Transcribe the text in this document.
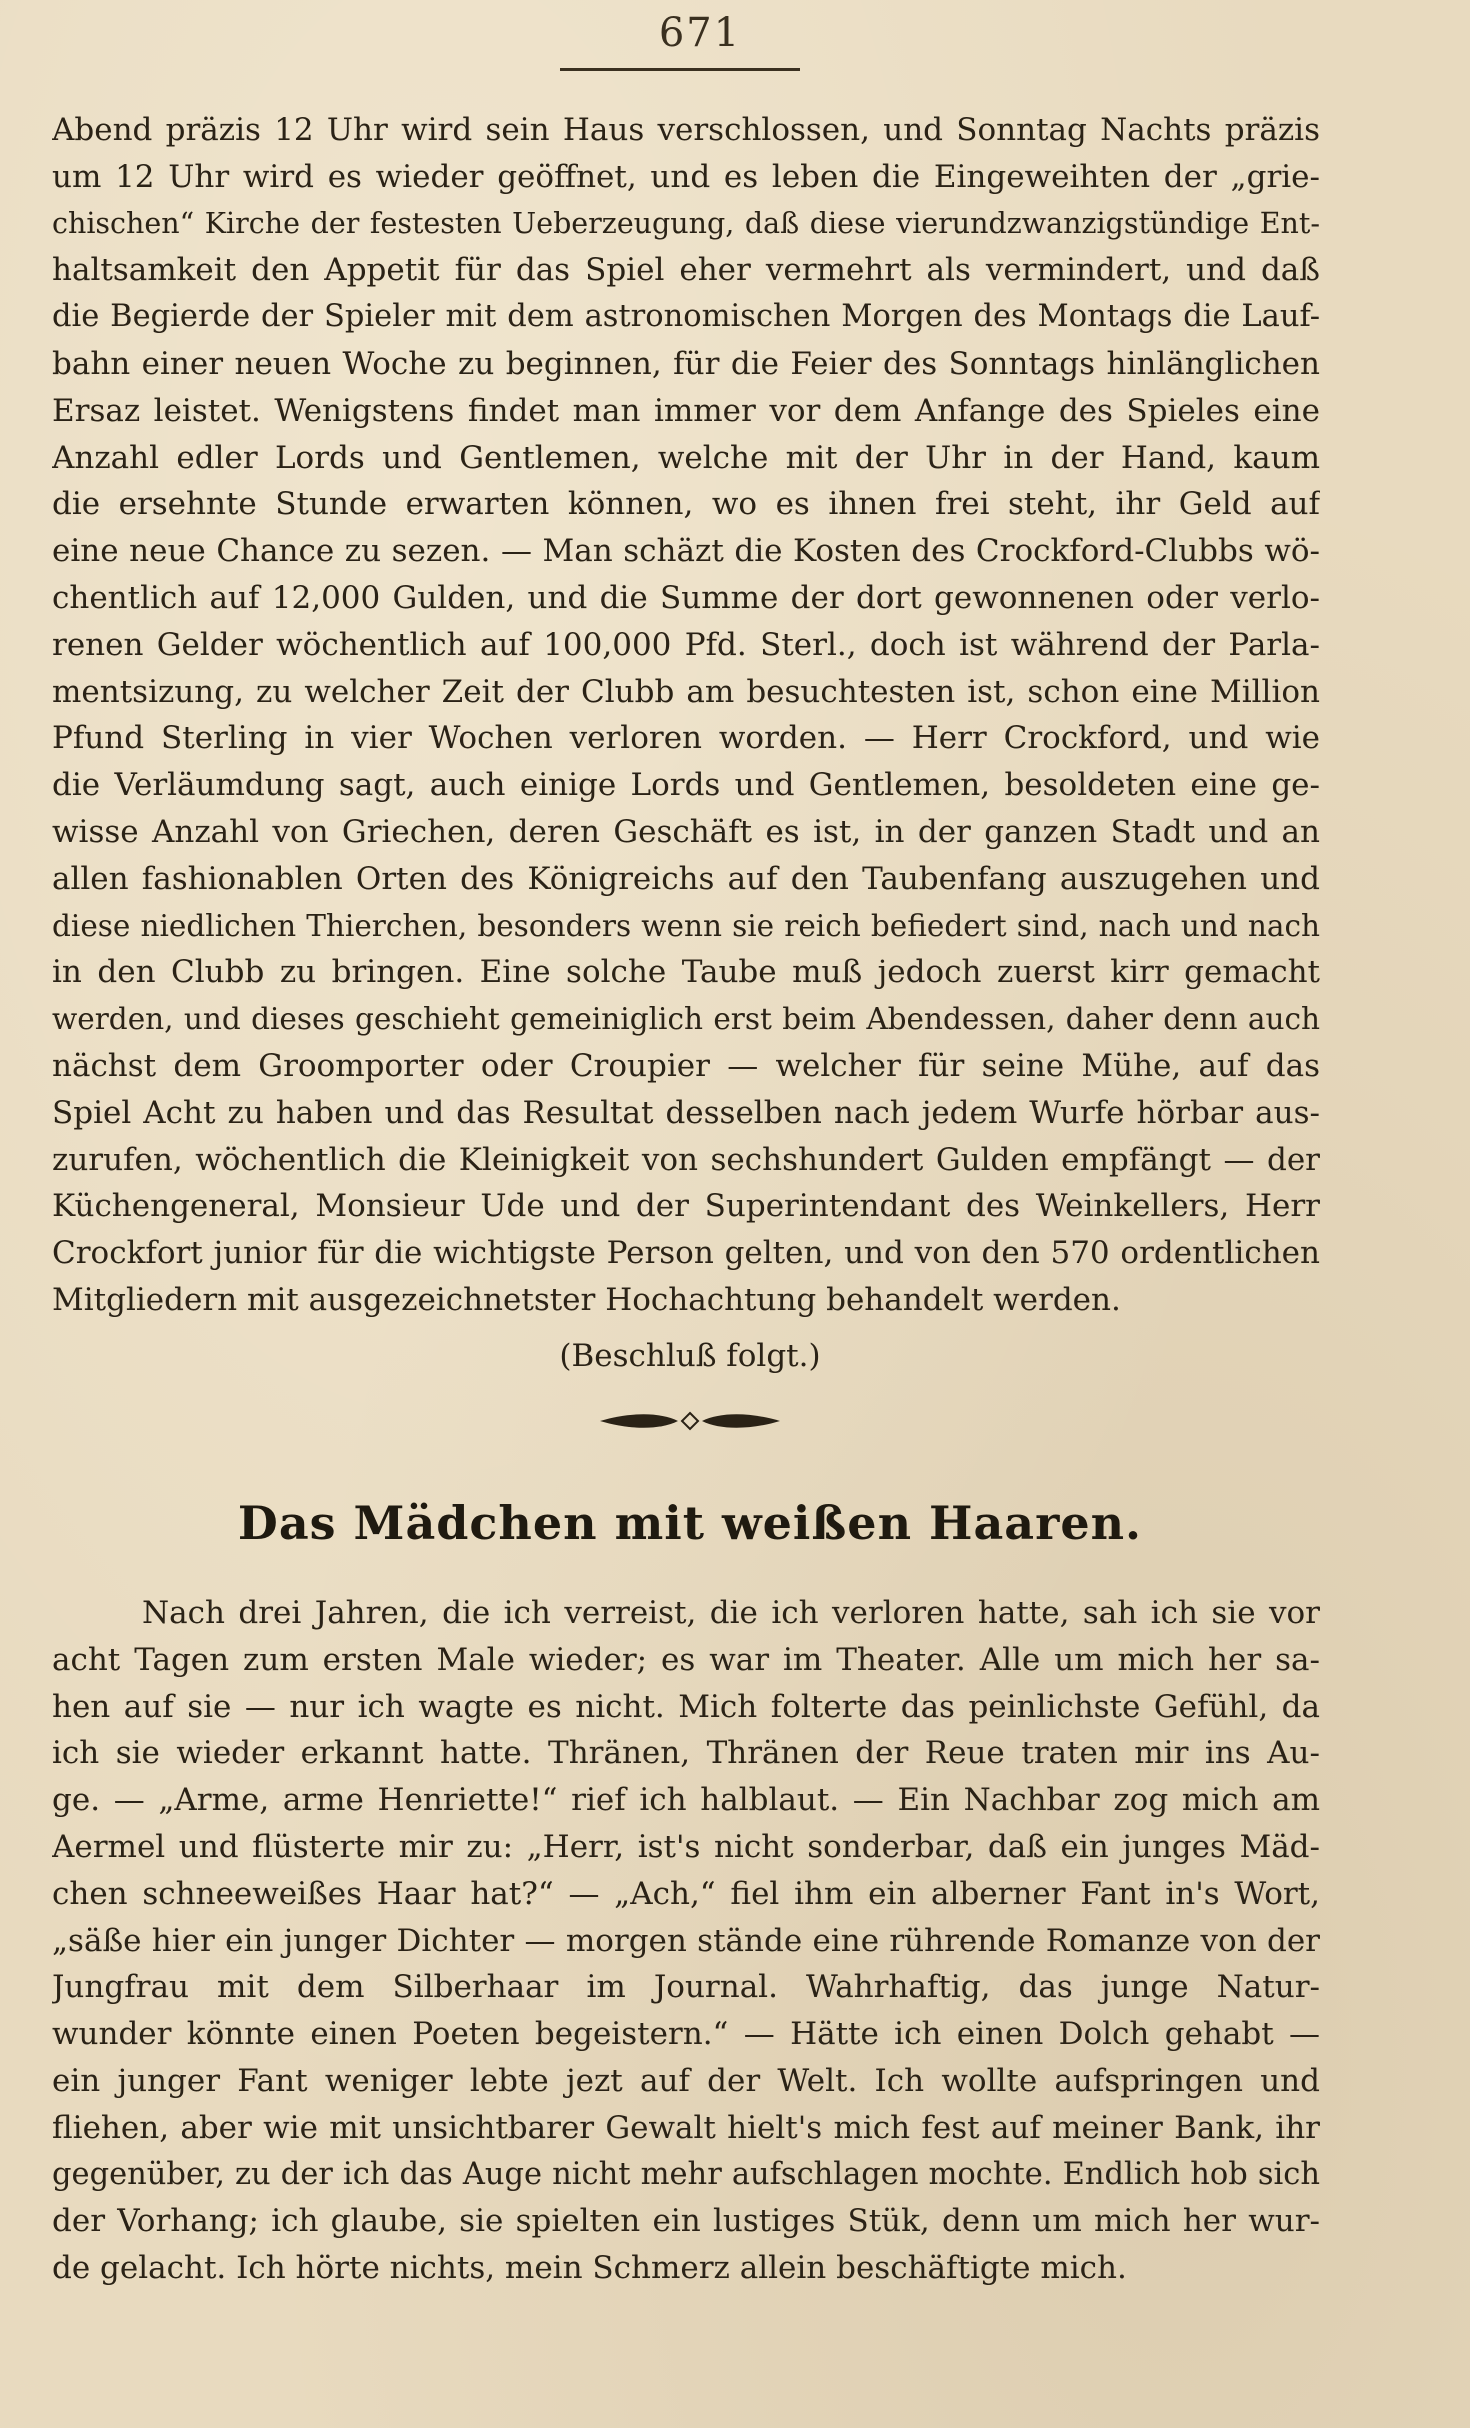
671
Abend präzis 12 Uhr wird sein Haus verschlossen, und Sonntag Nachts präzis
um 12 Uhr wird es wieder geöffnet, und es leben die Eingeweihten der „grie-
chischen“ Kirche der festesten Ueberzeugung, daß diese vierundzwanzigstündige Ent-
haltsamkeit den Appetit für das Spiel eher vermehrt als vermindert, und daß
die Begierde der Spieler mit dem astronomischen Morgen des Montags die Lauf-
bahn einer neuen Woche zu beginnen, für die Feier des Sonntags hinlänglichen
Ersaz leistet. Wenigstens findet man immer vor dem Anfange des Spieles eine
Anzahl edler Lords und Gentlemen, welche mit der Uhr in der Hand, kaum
die ersehnte Stunde erwarten können, wo es ihnen frei steht, ihr Geld auf
eine neue Chance zu sezen. — Man schäzt die Kosten des Crockford-Clubbs wö-
chentlich auf 12,000 Gulden, und die Summe der dort gewonnenen oder verlo-
renen Gelder wöchentlich auf 100,000 Pfd. Sterl., doch ist während der Parla-
mentsizung, zu welcher Zeit der Clubb am besuchtesten ist, schon eine Million
Pfund Sterling in vier Wochen verloren worden. — Herr Crockford, und wie
die Verläumdung sagt, auch einige Lords und Gentlemen, besoldeten eine ge-
wisse Anzahl von Griechen, deren Geschäft es ist, in der ganzen Stadt und an
allen fashionablen Orten des Königreichs auf den Taubenfang auszugehen und
diese niedlichen Thierchen, besonders wenn sie reich befiedert sind, nach und nach
in den Clubb zu bringen. Eine solche Taube muß jedoch zuerst kirr gemacht
werden, und dieses geschieht gemeiniglich erst beim Abendessen, daher denn auch
nächst dem Groomporter oder Croupier — welcher für seine Mühe, auf das
Spiel Acht zu haben und das Resultat desselben nach jedem Wurfe hörbar aus-
zurufen, wöchentlich die Kleinigkeit von sechshundert Gulden empfängt — der
Küchengeneral, Monsieur Ude und der Superintendant des Weinkellers, Herr
Crockfort junior für die wichtigste Person gelten, und von den 570 ordentlichen
Mitgliedern mit ausgezeichnetster Hochachtung behandelt werden.
(Beschluß folgt.)
Das Mädchen mit weißen Haaren.
Nach drei Jahren, die ich verreist, die ich verloren hatte, sah ich sie vor
acht Tagen zum ersten Male wieder; es war im Theater. Alle um mich her sa-
hen auf sie — nur ich wagte es nicht. Mich folterte das peinlichste Gefühl, da
ich sie wieder erkannt hatte. Thränen, Thränen der Reue traten mir ins Au-
ge. — „Arme, arme Henriette!“ rief ich halblaut. — Ein Nachbar zog mich am
Aermel und flüsterte mir zu: „Herr, ist's nicht sonderbar, daß ein junges Mäd-
chen schneeweißes Haar hat?“ — „Ach,“ fiel ihm ein alberner Fant in's Wort,
„säße hier ein junger Dichter — morgen stände eine rührende Romanze von der
Jungfrau mit dem Silberhaar im Journal. Wahrhaftig, das junge Natur-
wunder könnte einen Poeten begeistern.“ — Hätte ich einen Dolch gehabt —
ein junger Fant weniger lebte jezt auf der Welt. Ich wollte aufspringen und
fliehen, aber wie mit unsichtbarer Gewalt hielt's mich fest auf meiner Bank, ihr
gegenüber, zu der ich das Auge nicht mehr aufschlagen mochte. Endlich hob sich
der Vorhang; ich glaube, sie spielten ein lustiges Stük, denn um mich her wur-
de gelacht. Ich hörte nichts, mein Schmerz allein beschäftigte mich.
